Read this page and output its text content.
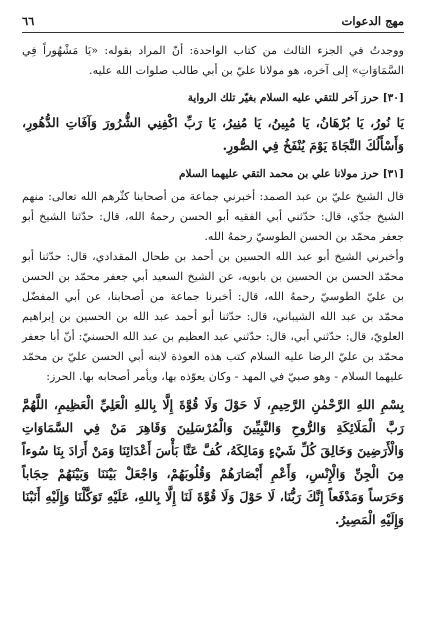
مهج الدعوات
٦٦

ووجدتُ في الجزء الثالث من كتاب الواحدة: أنّ المراد بقوله: «يَا مَشْهُوراً فِي السَّمَاوَاتِ» إلى آخره، هو مولانا عليّ بن أبي طالب صلوات الله عليه.

[٣٠] حرز آخر للتقي عليه السلام بغيّر تلك الرواية

يَا نُورُ، يَا بُرْهَانُ، يَا مُبِينُ، يَا مُنِيرُ، يَا رَبِّ اكْفِنِي الشُّرُورَ وَآفَاتِ الدُّهُورِ، وَأَسْأَلُكَ النَّجَاةَ يَوْمَ يُنْفَخُ فِي الصُّورِ.

[٣١] حرز مولانا علي بن محمد التقي عليهما السلام

قال الشيخ عليّ بن عبد الصمد: أخبرني جماعة من أصحابنا كثّرهم الله تعالى: منهم الشيخ جدّي، قال: حدّثني أبي الفقيه أبو الحسن رحمهُ الله، قال: حدّثنا الشيخ أبو جعفر محمّد بن الحسن الطوسيّ رحمهُ الله.

وأخبرني الشيخ أبو عبد الله الحسين بن أحمد بن طحال المقدادي، قال: حدّثنا أبو محمّد الحسن بن الحسين بن بابويه، عن الشيخ السعيد أبي جعفر محمّد بن الحسن بن عليّ الطوسيّ رحمهُ الله، قال: أخبرنا جماعة من أصحابنا، عن أبي المفضّل محمّد بن عبد الله الشيباني، قال: حدّثنا أبو أحمد عبد الله بن الحسين بن إبراهيم العلويّ، قال: حدّثني أبي، قال: حدّثني عبد العظيم بن عبد الله الحسنيّ: أنّ أبا جعفر محمّد بن عليّ الرضا عليه السلام كتب هذه العوذة لابنه أبي الحسن عليّ بن محمّد عليهما السلام - وهو صبيّ في المهد - وكان يعوّذه بها، ويأمر أصحابه بها. الحرز:

بِسْمِ اللهِ الرَّحْمٰنِ الرَّحِيمِ، لَا حَوْلَ وَلَا قُوَّةَ إِلَّا بِاللهِ الْعَلِيِّ الْعَظِيمِ، اللَّهُمَّ رَبَّ الْمَلَائِكَةِ وَالرُّوحِ وَالنَّبِيِّينَ وَالْمُرْسَلِينَ وَقَاهِرَ مَنْ فِي السَّمَاوَاتِ وَالْأَرَضِينَ وَخَالِقَ كُلِّ شَيْءٍ وَمَالِكَهُ، كُفَّ عَنَّا بَأْسَ أَعْدَائِنَا وَمَنْ أَرَادَ بِنَا سُوءاً مِنَ الْجِنِّ وَالْإِنْسِ، وَأَعْمِ أَبْصَارَهُمْ وَقُلُوبَهُمْ، وَاجْعَلْ بَيْنَنَا وَبَيْنَهُمْ حِجَاباً وَحَرَساً وَمَدْفَعاً إِنَّكَ رَبُّنَا، لَا حَوْلَ وَلَا قُوَّةَ لَنَا إِلَّا بِاللهِ، عَلَيْهِ تَوَكَّلْنَا وَإِلَيْهِ أَنَبْنَا وَإِلَيْهِ الْمَصِيرُ.
